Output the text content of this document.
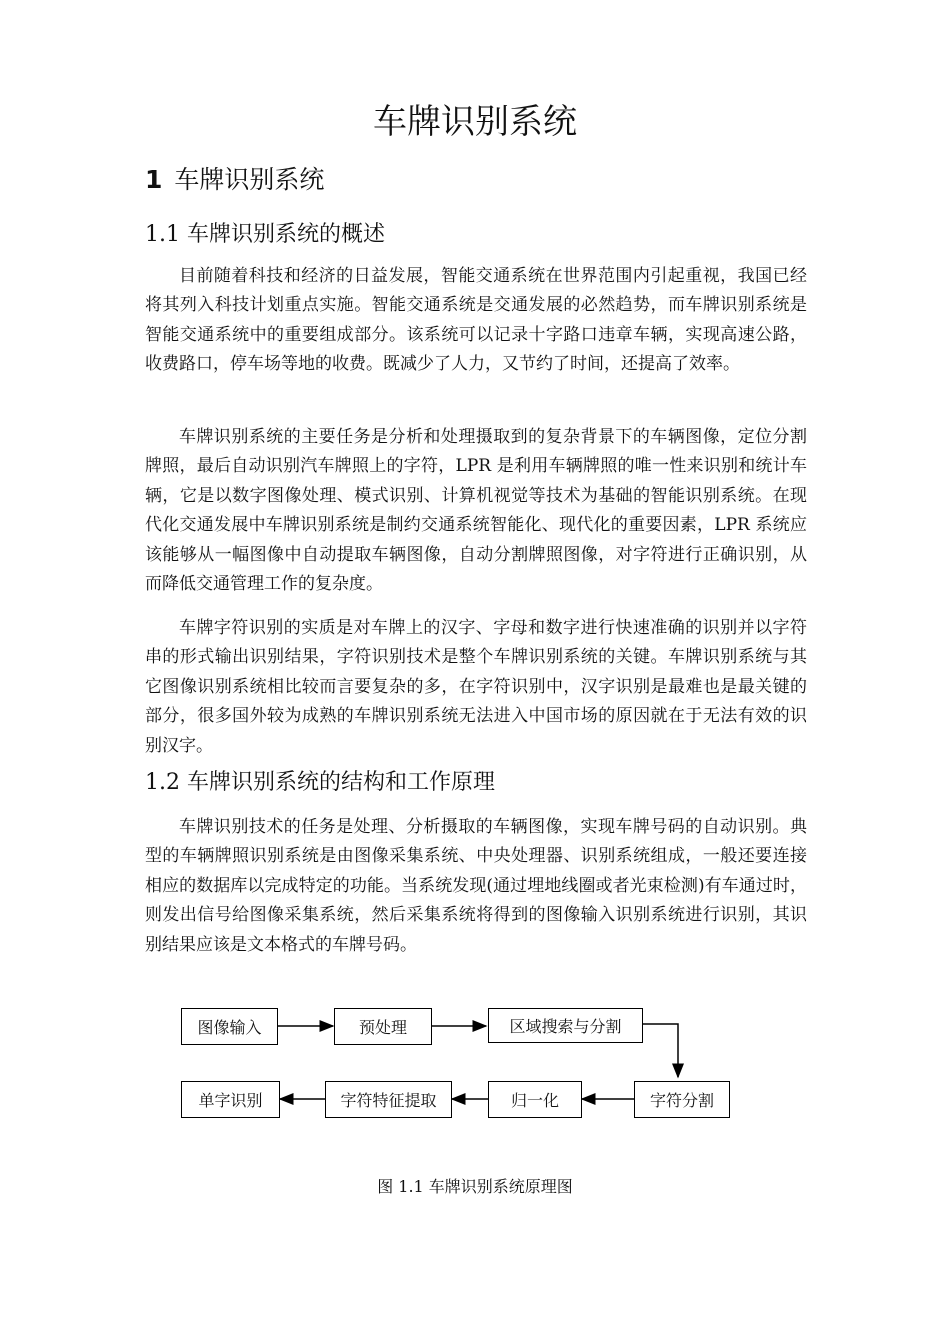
车牌识别系统
1 车牌识别系统
1.1 车牌识别系统的概述

目前随着科技和经济的日益发展，智能交通系统在世界范围内引起重视，我国已经将其列入科技计划重点实施。智能交通系统是交通发展的必然趋势，而车牌识别系统是智能交通系统中的重要组成部分。该系统可以记录十字路口违章车辆，实现高速公路，收费路口，停车场等地的收费。既减少了人力，又节约了时间，还提高了效率。

车牌识别系统的主要任务是分析和处理摄取到的复杂背景下的车辆图像，定位分割牌照，最后自动识别汽车牌照上的字符，LPR 是利用车辆牌照的唯一性来识别和统计车辆，它是以数字图像处理、模式识别、计算机视觉等技术为基础的智能识别系统。在现代化交通发展中车牌识别系统是制约交通系统智能化、现代化的重要因素，LPR 系统应该能够从一幅图像中自动提取车辆图像，自动分割牌照图像，对字符进行正确识别，从而降低交通管理工作的复杂度。

车牌字符识别的实质是对车牌上的汉字、字母和数字进行快速准确的识别并以字符串的形式输出识别结果，字符识别技术是整个车牌识别系统的关键。车牌识别系统与其它图像识别系统相比较而言要复杂的多，在字符识别中，汉字识别是最难也是最关键的部分，很多国外较为成熟的车牌识别系统无法进入中国市场的原因就在于无法有效的识别汉字。

1.2 车牌识别系统的结构和工作原理

车牌识别技术的任务是处理、分析摄取的车辆图像，实现车牌号码的自动识别。典型的车辆牌照识别系统是由图像采集系统、中央处理器、识别系统组成，一般还要连接相应的数据库以完成特定的功能。当系统发现(通过埋地线圈或者光束检测)有车通过时，则发出信号给图像采集系统，然后采集系统将得到的图像输入识别系统进行识别，其识别结果应该是文本格式的车牌号码。

图像输入	预处理	区域搜索与分割
单字识别	字符特征提取	归一化	字符分割

图 1.1 车牌识别系统原理图
